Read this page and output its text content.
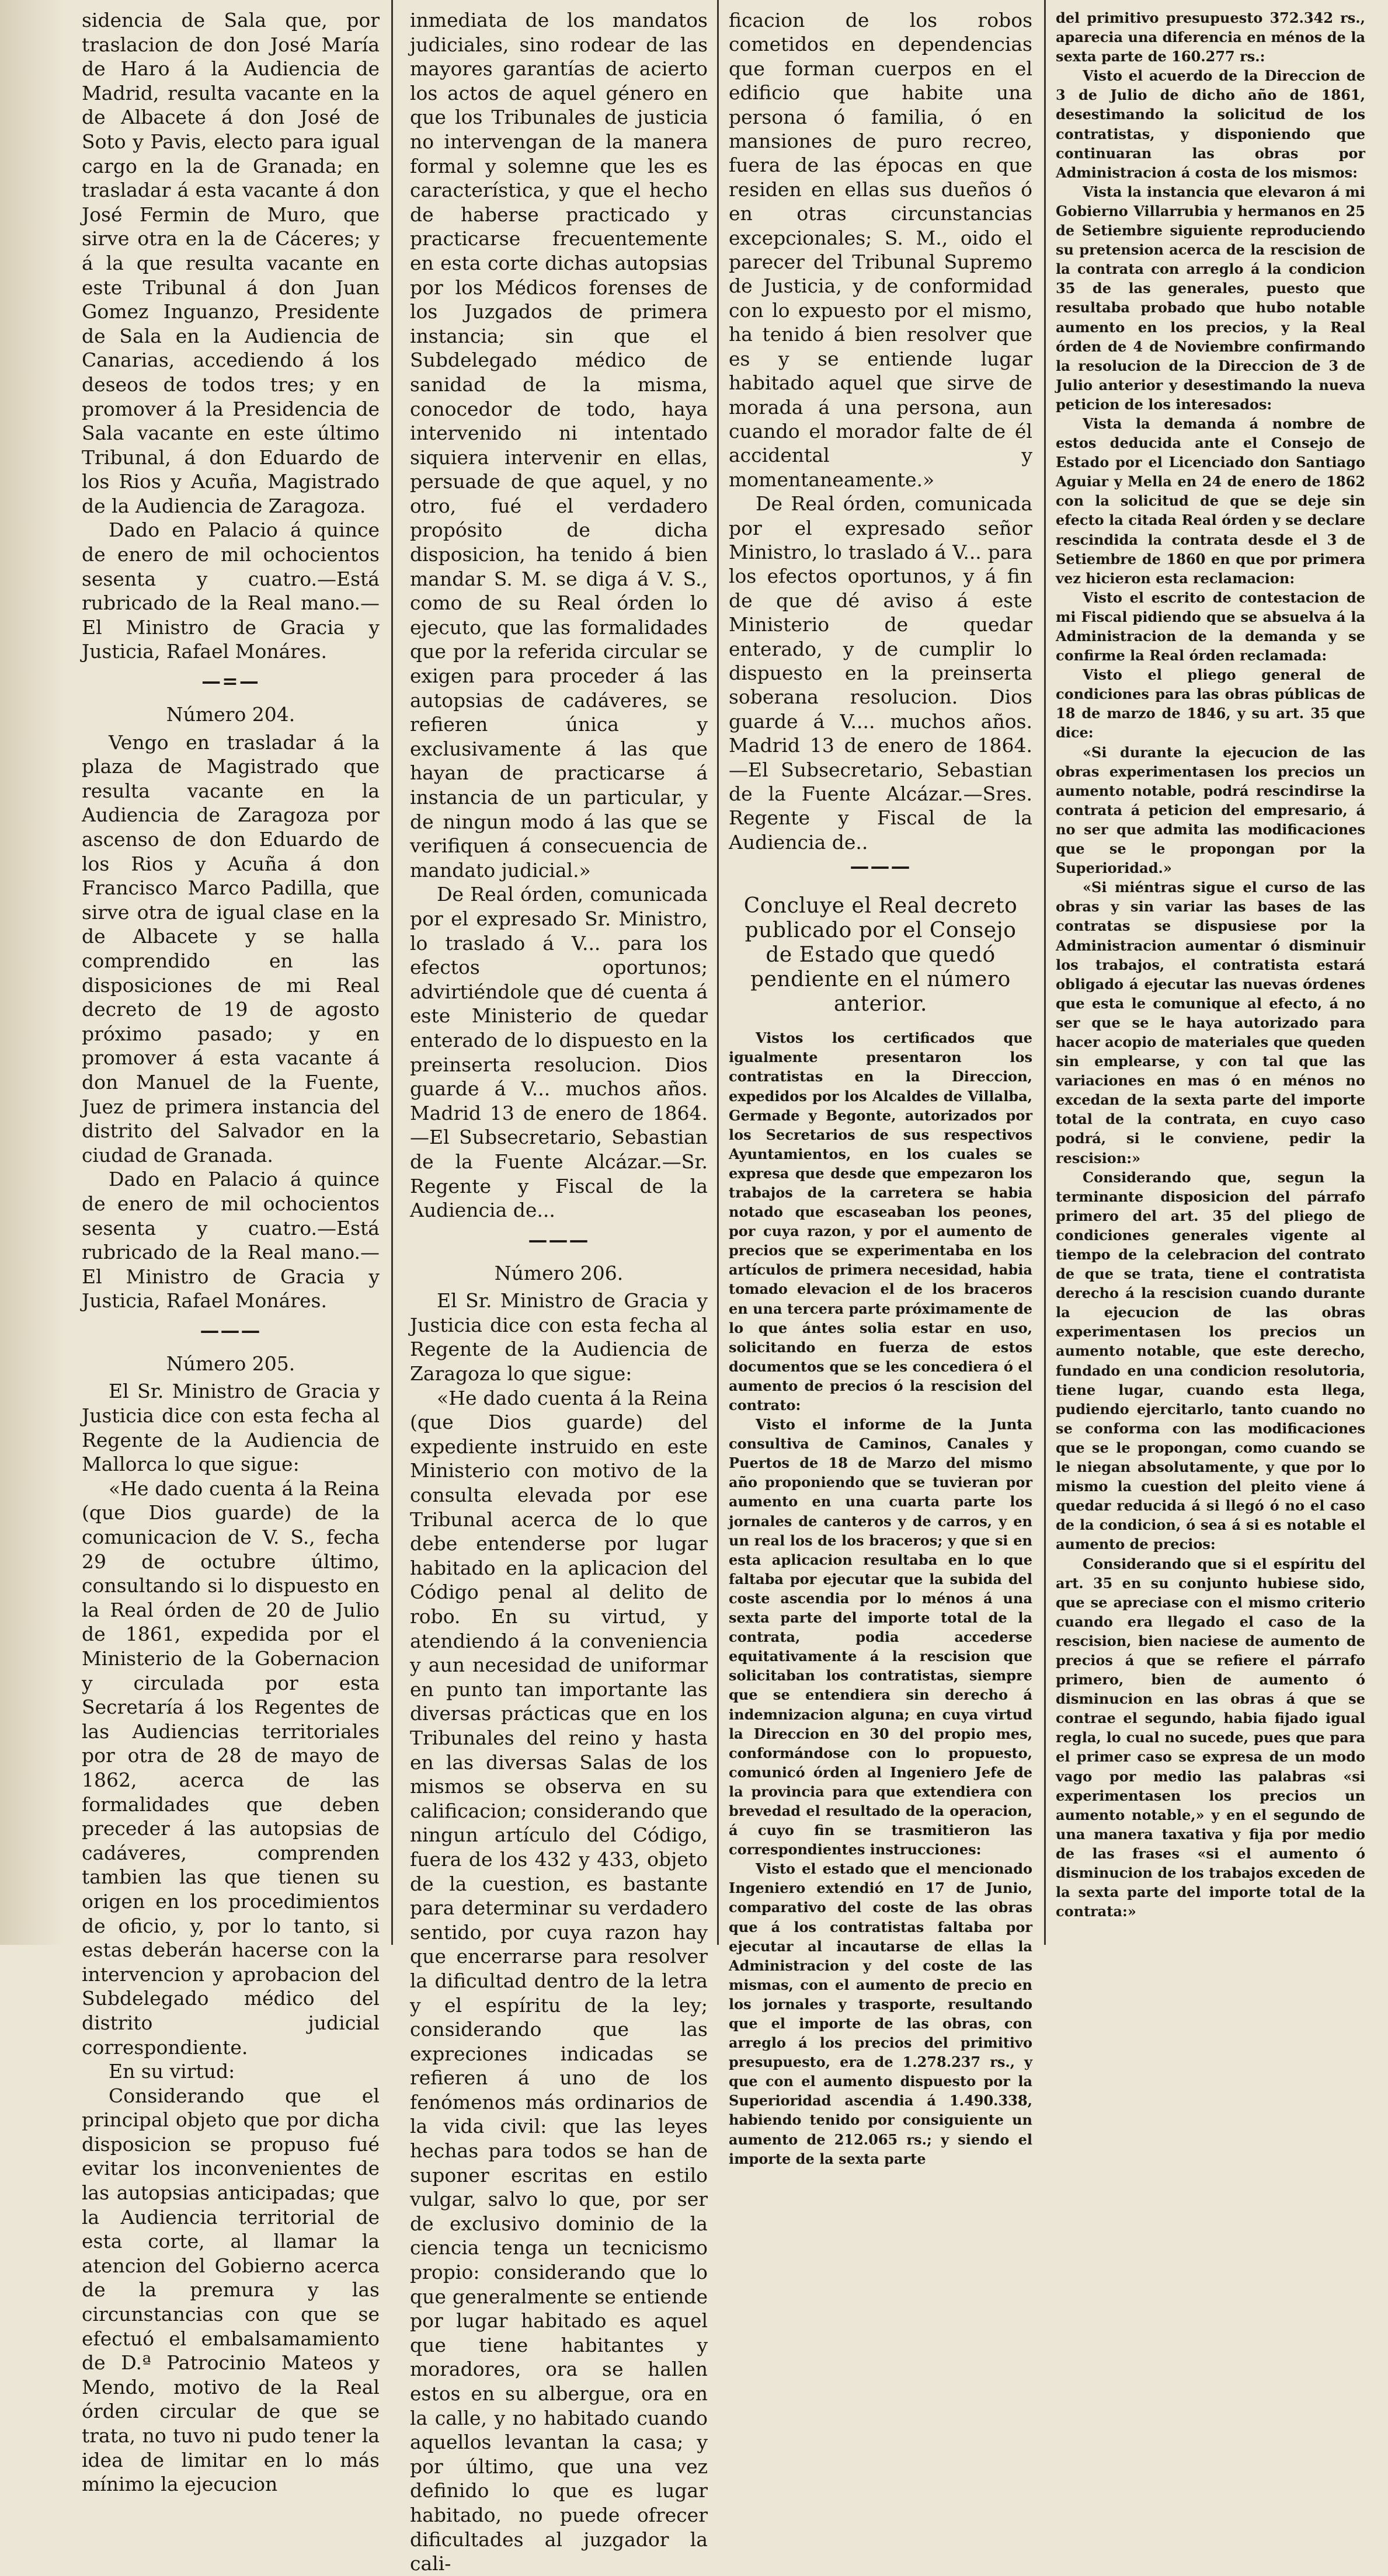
sidencia de Sala que, por traslacion de don José María de Haro á la Audiencia de Madrid, resulta vacante en la de Albacete á don José de Soto y Pavis, electo para igual cargo en la de Granada; en trasladar á esta vacante á don José Fermin de Muro, que sirve otra en la de Cáceres; y á la que resulta vacante en este Tribunal á don Juan Gomez Inguanzo, Presidente de Sala en la Audiencia de Canarias, accediendo á los deseos de todos tres; y en promover á la Presidencia de Sala vacante en este último Tribunal, á don Eduardo de los Rios y Acuña, Magistrado de la Audiencia de Zaragoza.

Dado en Palacio á quince de enero de mil ochocientos sesenta y cuatro.—Está rubricado de la Real mano.—El Ministro de Gracia y Justicia, Rafael Monáres.

—=—

Número 204.

Vengo en trasladar á la plaza de Magistrado que resulta vacante en la Audiencia de Zaragoza por ascenso de don Eduardo de los Rios y Acuña á don Francisco Marco Padilla, que sirve otra de igual clase en la de Albacete y se halla comprendido en las disposiciones de mi Real decreto de 19 de agosto próximo pasado; y en promover á esta vacante á don Manuel de la Fuente, Juez de primera instancia del distrito del Salvador en la ciudad de Granada.

Dado en Palacio á quince de enero de mil ochocientos sesenta y cuatro.—Está rubricado de la Real mano.—El Ministro de Gracia y Justicia, Rafael Monáres.

———

Número 205.

El Sr. Ministro de Gracia y Justicia dice con esta fecha al Regente de la Audiencia de Mallorca lo que sigue:

«He dado cuenta á la Reina (que Dios guarde) de la comunicacion de V. S., fecha 29 de octubre último, consultando si lo dispuesto en la Real órden de 20 de Julio de 1861, expedida por el Ministerio de la Gobernacion y circulada por esta Secretaría á los Regentes de las Audiencias territoriales por otra de 28 de mayo de 1862, acerca de las formalidades que deben preceder á las autopsias de cadáveres, comprenden tambien las que tienen su origen en los procedimientos de oficio, y, por lo tanto, si estas deberán hacerse con la intervencion y aprobacion del Subdelegado médico del distrito judicial correspondiente.

En su virtud:

Considerando que el principal objeto que por dicha disposicion se propuso fué evitar los inconvenientes de las autopsias anticipadas; que la Audiencia territorial de esta corte, al llamar la atencion del Gobierno acerca de la premura y las circunstancias con que se efectuó el embalsamamiento de D.ª Patrocinio Mateos y Mendo, motivo de la Real órden circular de que se trata, no tuvo ni pudo tener la idea de limitar en lo más mínimo la ejecucion

inmediata de los mandatos judiciales, sino rodear de las mayores garantías de acierto los actos de aquel género en que los Tribunales de justicia no intervengan de la manera formal y solemne que les es característica, y que el hecho de haberse practicado y practicarse frecuentemente en esta corte dichas autopsias por los Médicos forenses de los Juzgados de primera instancia; sin que el Subdelegado médico de sanidad de la misma, conocedor de todo, haya intervenido ni intentado siquiera intervenir en ellas, persuade de que aquel, y no otro, fué el verdadero propósito de dicha disposicion, ha tenido á bien mandar S. M. se diga á V. S., como de su Real órden lo ejecuto, que las formalidades que por la referida circular se exigen para proceder á las autopsias de cadáveres, se refieren única y exclusivamente á las que hayan de practicarse á instancia de un particular, y de ningun modo á las que se verifiquen á consecuencia de mandato judicial.»

De Real órden, comunicada por el expresado Sr. Ministro, lo traslado á V... para los efectos oportunos; advirtiéndole que dé cuenta á este Ministerio de quedar enterado de lo dispuesto en la preinserta resolucion. Dios guarde á V... muchos años. Madrid 13 de enero de 1864.—El Subsecretario, Sebastian de la Fuente Alcázar.—Sr. Regente y Fiscal de la Audiencia de...

———

Número 206.

El Sr. Ministro de Gracia y Justicia dice con esta fecha al Regente de la Audiencia de Zaragoza lo que sigue:

«He dado cuenta á la Reina (que Dios guarde) del expediente instruido en este Ministerio con motivo de la consulta elevada por ese Tribunal acerca de lo que debe entenderse por lugar habitado en la aplicacion del Código penal al delito de robo. En su virtud, y atendiendo á la conveniencia y aun necesidad de uniformar en punto tan importante las diversas prácticas que en los Tribunales del reino y hasta en las diversas Salas de los mismos se observa en su calificacion; considerando que ningun artículo del Código, fuera de los 432 y 433, objeto de la cuestion, es bastante para determinar su verdadero sentido, por cuya razon hay que encerrarse para resolver la dificultad dentro de la letra y el espíritu de la ley; considerando que las expreciones indicadas se refieren á uno de los fenómenos más ordinarios de la vida civil: que las leyes hechas para todos se han de suponer escritas en estilo vulgar, salvo lo que, por ser de exclusivo dominio de la ciencia tenga un tecnicismo propio: considerando que lo que generalmente se entiende por lugar habitado es aquel que tiene habitantes y moradores, ora se hallen estos en su albergue, ora en la calle, y no habitado cuando aquellos levantan la casa; y por último, que una vez definido lo que es lugar habitado, no puede ofrecer dificultades al juzgador la cali-

ficacion de los robos cometidos en dependencias que forman cuerpos en el edificio que habite una persona ó familia, ó en mansiones de puro recreo, fuera de las épocas en que residen en ellas sus dueños ó en otras circunstancias excepcionales; S. M., oido el parecer del Tribunal Supremo de Justicia, y de conformidad con lo expuesto por el mismo, ha tenido á bien resolver que es y se entiende lugar habitado aquel que sirve de morada á una persona, aun cuando el morador falte de él accidental y momentaneamente.»

De Real órden, comunicada por el expresado señor Ministro, lo traslado á V... para los efectos oportunos, y á fin de que dé aviso á este Ministerio de quedar enterado, y de cumplir lo dispuesto en la preinserta soberana resolucion. Dios guarde á V.... muchos años. Madrid 13 de enero de 1864.—El Subsecretario, Sebastian de la Fuente Alcázar.—Sres. Regente y Fiscal de la Audiencia de..

———

Concluye el Real decreto publicado por el Consejo de Estado que quedó pendiente en el número anterior.

Vistos los certificados que igualmente presentaron los contratistas en la Direccion, expedidos por los Alcaldes de Villalba, Germade y Begonte, autorizados por los Secretarios de sus respectivos Ayuntamientos, en los cuales se expresa que desde que empezaron los trabajos de la carretera se habia notado que escaseaban los peones, por cuya razon, y por el aumento de precios que se experimentaba en los artículos de primera necesidad, habia tomado elevacion el de los braceros en una tercera parte próximamente de lo que ántes solia estar en uso, solicitando en fuerza de estos documentos que se les concediera ó el aumento de precios ó la rescision del contrato:

Visto el informe de la Junta consultiva de Caminos, Canales y Puertos de 18 de Marzo del mismo año proponiendo que se tuvieran por aumento en una cuarta parte los jornales de canteros y de carros, y en un real los de los braceros; y que si en esta aplicacion resultaba en lo que faltaba por ejecutar que la subida del coste ascendia por lo ménos á una sexta parte del importe total de la contrata, podia accederse equitativamente á la rescision que solicitaban los contratistas, siempre que se entendiera sin derecho á indemnizacion alguna; en cuya virtud la Direccion en 30 del propio mes, conformándose con lo propuesto, comunicó órden al Ingeniero Jefe de la provincia para que extendiera con brevedad el resultado de la operacion, á cuyo fin se trasmitieron las correspondientes instrucciones:

Visto el estado que el mencionado Ingeniero extendió en 17 de Junio, comparativo del coste de las obras que á los contratistas faltaba por ejecutar al incautarse de ellas la Administracion y del coste de las mismas, con el aumento de precio en los jornales y trasporte, resultando que el importe de las obras, con arreglo á los precios del primitivo presupuesto, era de 1.278.237 rs., y que con el aumento dispuesto por la Superioridad ascendia á 1.490.338, habiendo tenido por consiguiente un aumento de 212.065 rs.; y siendo el importe de la sexta parte

del primitivo presupuesto 372.342 rs., aparecia una diferencia en ménos de la sexta parte de 160.277 rs.:

Visto el acuerdo de la Direccion de 3 de Julio de dicho año de 1861, desestimando la solicitud de los contratistas, y disponiendo que continuaran las obras por Administracion á costa de los mismos:

Vista la instancia que elevaron á mi Gobierno Villarrubia y hermanos en 25 de Setiembre siguiente reproduciendo su pretension acerca de la rescision de la contrata con arreglo á la condicion 35 de las generales, puesto que resultaba probado que hubo notable aumento en los precios, y la Real órden de 4 de Noviembre confirmando la resolucion de la Direccion de 3 de Julio anterior y desestimando la nueva peticion de los interesados:

Vista la demanda á nombre de estos deducida ante el Consejo de Estado por el Licenciado don Santiago Aguiar y Mella en 24 de enero de 1862 con la solicitud de que se deje sin efecto la citada Real órden y se declare rescindida la contrata desde el 3 de Setiembre de 1860 en que por primera vez hicieron esta reclamacion:

Visto el escrito de contestacion de mi Fiscal pidiendo que se absuelva á la Administracion de la demanda y se confirme la Real órden reclamada:

Visto el pliego general de condiciones para las obras públicas de 18 de marzo de 1846, y su art. 35 que dice:

«Si durante la ejecucion de las obras experimentasen los precios un aumento notable, podrá rescindirse la contrata á peticion del empresario, á no ser que admita las modificaciones que se le propongan por la Superioridad.»

«Si miéntras sigue el curso de las obras y sin variar las bases de las contratas se dispusiese por la Administracion aumentar ó disminuir los trabajos, el contratista estará obligado á ejecutar las nuevas órdenes que esta le comunique al efecto, á no ser que se le haya autorizado para hacer acopio de materiales que queden sin emplearse, y con tal que las variaciones en mas ó en ménos no excedan de la sexta parte del importe total de la contrata, en cuyo caso podrá, si le conviene, pedir la rescision:»

Considerando que, segun la terminante disposicion del párrafo primero del art. 35 del pliego de condiciones generales vigente al tiempo de la celebracion del contrato de que se trata, tiene el contratista derecho á la rescision cuando durante la ejecucion de las obras experimentasen los precios un aumento notable, que este derecho, fundado en una condicion resolutoria, tiene lugar, cuando esta llega, pudiendo ejercitarlo, tanto cuando no se conforma con las modificaciones que se le propongan, como cuando se le niegan absolutamente, y que por lo mismo la cuestion del pleito viene á quedar reducida á si llegó ó no el caso de la condicion, ó sea á si es notable el aumento de precios:

Considerando que si el espíritu del art. 35 en su conjunto hubiese sido, que se apreciase con el mismo criterio cuando era llegado el caso de la rescision, bien naciese de aumento de precios á que se refiere el párrafo primero, bien de aumento ó disminucion en las obras á que se contrae el segundo, habia fijado igual regla, lo cual no sucede, pues que para el primer caso se expresa de un modo vago por medio las palabras «si experimentasen los precios un aumento notable,» y en el segundo de una manera taxativa y fija por medio de las frases «si el aumento ó disminucion de los trabajos exceden de la sexta parte del importe total de la contrata:»
